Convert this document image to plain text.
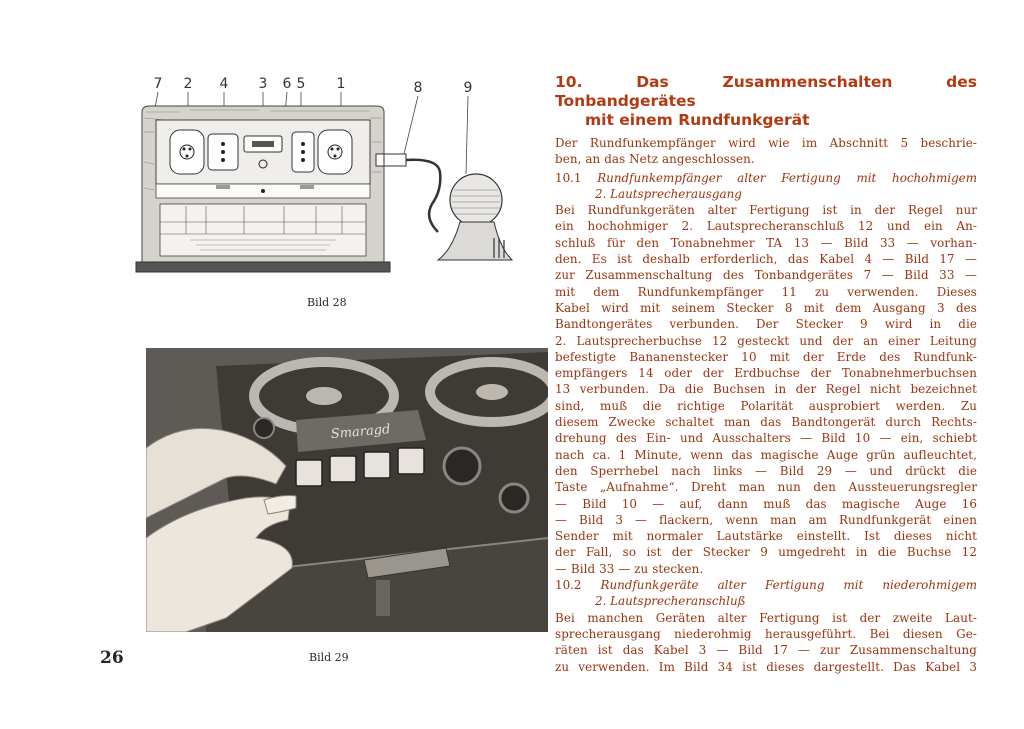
7 2 4 3 6 5 1	8	9
Bild 28
Smaragd
Bild 29
26
10.	Das Zusammenschalten des Tonbandgerätes
mit einem Rundfunkgerät

Der Rundfunkempfänger wird wie im Abschnitt 5 beschrie-

ben, an das Netz angeschlossen.

10.1 Rundfunkempfänger alter Fertigung mit hochohmigem
2. Lautsprecherausgang

Bei Rundfunkgeräten alter Fertigung ist in der Regel nur

ein hochohmiger 2. Lautsprecheranschluß 12 und ein An-

schluß für den Tonabnehmer TA 13 — Bild 33 — vorhan-

den. Es ist deshalb erforderlich, das Kabel 4 — Bild 17 —

zur Zusammenschaltung des Tonbandgerätes 7 — Bild 33 —

mit dem Rundfunkempfänger 11 zu verwenden. Dieses

Kabel wird mit seinem Stecker 8 mit dem Ausgang 3 des

Bandtongerätes verbunden. Der Stecker 9 wird in die

2. Lautsprecherbuchse 12 gesteckt und der an einer Leitung

befestigte Bananenstecker 10 mit der Erde des Rundfunk-

empfängers 14 oder der Erdbuchse der Tonabnehmerbuchsen

13 verbunden. Da die Buchsen in der Regel nicht bezeichnet

sind, muß die richtige Polarität ausprobiert werden. Zu

diesem Zwecke schaltet man das Bandtongerät durch Rechts-

drehung des Ein- und Ausschalters — Bild 10 — ein, schiebt

nach ca. 1 Minute, wenn das magische Auge grün aufleuchtet,

den Sperrhebel nach links — Bild 29 — und drückt die

Taste „Aufnahme“. Dreht man nun den Aussteuerungsregler

— Bild 10 — auf, dann muß das magische Auge 16

— Bild 3 — flackern, wenn man am Rundfunkgerät einen

Sender mit normaler Lautstärke einstellt. Ist dieses nicht

der Fall, so ist der Stecker 9 umgedreht in die Buchse 12

— Bild 33 — zu stecken.

10.2 Rundfunkgeräte alter Fertigung mit niederohmigem
2. Lautsprecheranschluß

Bei manchen Geräten alter Fertigung ist der zweite Laut-

sprecherausgang niederohmig herausgeführt. Bei diesen Ge-

räten ist das Kabel 3 — Bild 17 — zur Zusammenschaltung

zu verwenden. Im Bild 34 ist dieses dargestellt. Das Kabel 3
